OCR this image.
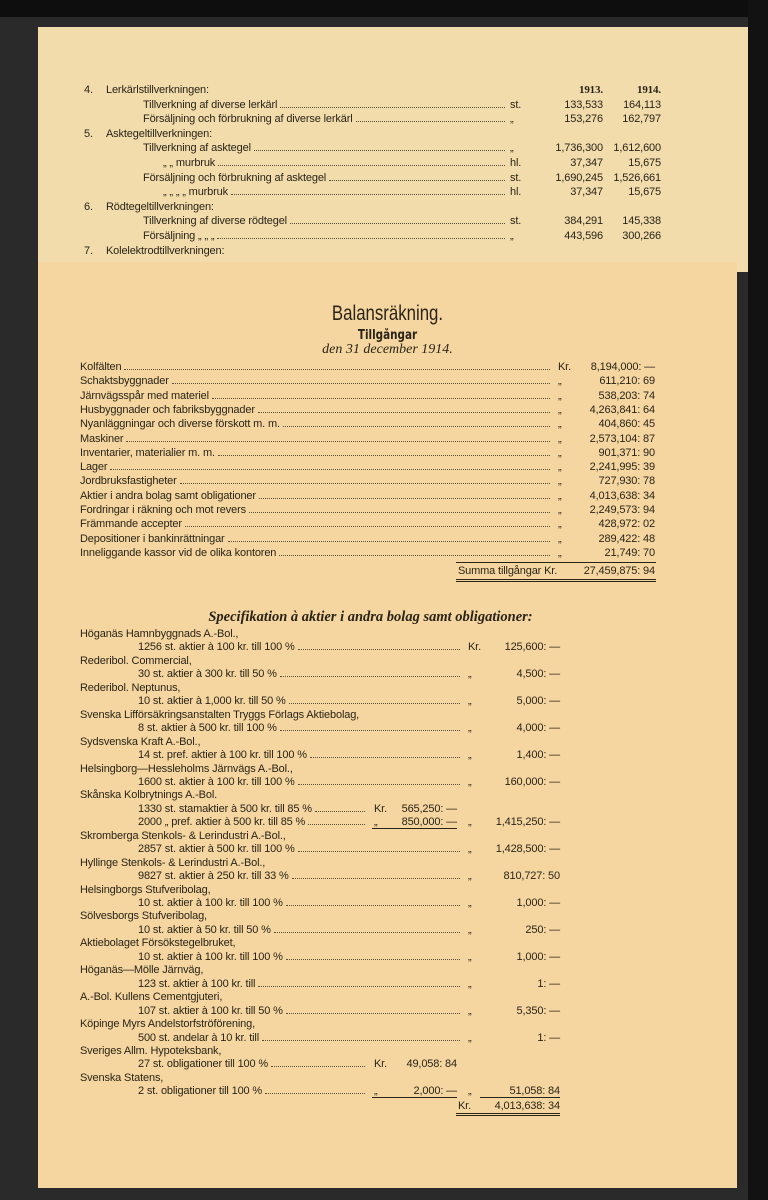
1913.	1914.
4. Lerkärlstillverkningen:
Tillverkning af diverse lerkärl	st.	133,533	164,113
Försäljning och förbrukning af diverse lerkärl	„	153,276	162,797
5. Asktegeltillverkningen:
Tillverkning af asktegel	„	1,736,300 1,612,600
„ „ murbruk	hl.	37,347	15,675
Försäljning och förbrukning af asktegel	st.	1,690,245 1,526,661
„ „ „ „ murbruk	hl.	37,347	15,675
6. Rödtegeltillverkningen:
Tillverkning af diverse rödtegel	st.	384,291	145,338
Försäljning „ „ „	„	443,596	300,266
7. Kolelektrodtillverkningen:
Balansräkning.
Tillgångar
den 31 december 1914.
Kolfälten	Kr.	8,194,000: —
Schaktsbyggnader	„	611,210: 69
Järnvägsspår med materiel	„	538,203: 74
Husbyggnader och fabriksbyggnader	„	4,263,841: 64
Nyanläggningar och diverse förskott m. m.	„	404,860: 45
Maskiner	„	2,573,104: 87
Inventarier, materialier m. m.	„	901,371: 90
Lager	„	2,241,995: 39
Jordbruksfastigheter	„	727,930: 78
Aktier i andra bolag samt obligationer	„	4,013,638: 34
Fordringar i räkning och mot revers	„	2,249,573: 94
Främmande accepter	„	428,972: 02
Depositioner i bankinrättningar	„	289,422: 48
Inneliggande kassor vid de olika kontoren	„	21,749: 70
Summa tillgångar Kr.	27,459,875: 94
Specifikation à aktier i andra bolag samt obligationer:
Höganäs Hamnbyggnads A.-Bol.,
1256 st. aktier à 100 kr. till 100 %	Kr.	125,600: —
Rederibol. Commercial,
30 st. aktier à 300 kr. till 50 %	„	4,500: —
Rederibol. Neptunus,
10 st. aktier à 1,000 kr. till 50 %	„	5,000: —
Svenska Lifförsäkringsanstalten Tryggs Förlags Aktiebolag,
8 st. aktier à 500 kr. till 100 %	„	4,000: —
Sydsvenska Kraft A.-Bol.,
14 st. pref. aktier à 100 kr. till 100 %	„	1,400: —
Helsingborg—Hessleholms Järnvägs A.-Bol.,
1600 st. aktier à 100 kr. till 100 %	„	160,000: —
Skånska Kolbrytnings A.-Bol.
1330 st. stamaktier à 500 kr. till 85 %	Kr.	565,250: —
2000 „ pref. aktier à 500 kr. till 85 %	„	850,000: — „	1,415,250: —
Skromberga Stenkols- & Lerindustri A.-Bol.,
2857 st. aktier à 500 kr. till 100 %	„	1,428,500: —
Hyllinge Stenkols- & Lerindustri A.-Bol.,
9827 st. aktier à 250 kr. till 33 %	„	810,727: 50
Helsingborgs Stufveribolag,
10 st. aktier à 100 kr. till 100 %	„	1,000: —
Sölvesborgs Stufveribolag,
10 st. aktier à 50 kr. till 50 %	„	250: —
Aktiebolaget Försökstegelbruket,
10 st. aktier à 100 kr. till 100 %	„	1,000: —
Höganäs—Mölle Järnväg,
123 st. aktier à 100 kr. till	„	1: —
A.-Bol. Kullens Cementgjuteri,
107 st. aktier à 100 kr. till 50 %	„	5,350: —
Köpinge Myrs Andelstorfströförening,
500 st. andelar à 10 kr. till	„	1: —
Sveriges Allm. Hypoteksbank,
27 st. obligationer till 100 %	Kr.	49,058: 84
Svenska Statens,
2 st. obligationer till 100 %	„	2,000: — „	51,058: 84
Kr.	4,013,638: 34
